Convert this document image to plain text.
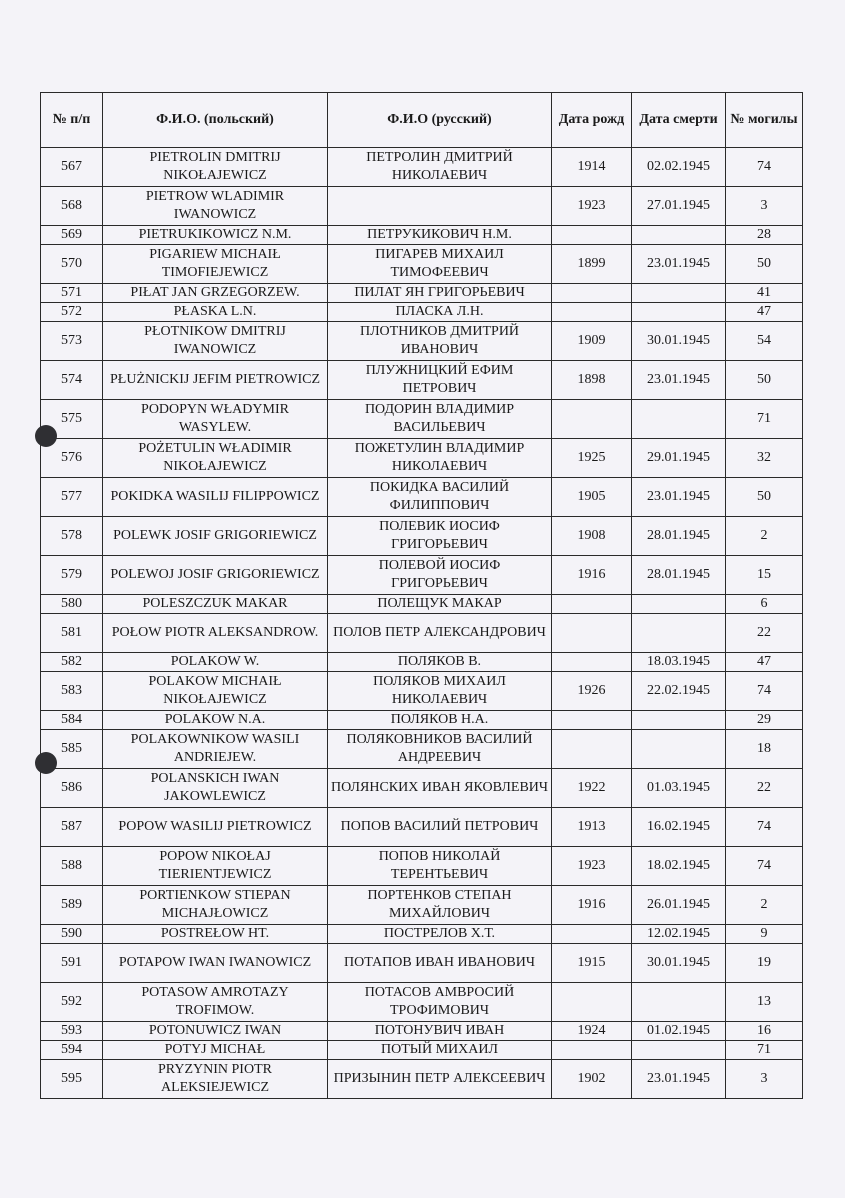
№ п/п	Ф.И.О. (польский)	Ф.И.О (русский)	Дата рожд	Дата смерти	№ могилы
567	PIETROLIN DMITRIJ NIKOŁAJEWICZ	ПЕТРОЛИН ДМИТРИЙ НИКОЛАЕВИЧ	1914	02.02.1945	74
568	PIETROW WLADIMIR IWANOWICZ		1923	27.01.1945	3
569	PIETRUKIKOWICZ N.M.	ПЕТРУКИКОВИЧ Н.М.			28
570	PIGARIEW MICHAIŁ TIMOFIEJEWICZ	ПИГАРЕВ МИХАИЛ ТИМОФЕЕВИЧ	1899	23.01.1945	50
571	PIŁAT JAN GRZEGORZEW.	ПИЛАТ ЯН ГРИГОРЬЕВИЧ			41
572	PŁASKA L.N.	ПЛАСКА Л.Н.			47
573	PŁOTNIKOW DMITRIJ IWANOWICZ	ПЛОТНИКОВ ДМИТРИЙ ИВАНОВИЧ	1909	30.01.1945	54
574	PŁUŻNICKIJ JEFIM PIETROWICZ	ПЛУЖНИЦКИЙ ЕФИМ ПЕТРОВИЧ	1898	23.01.1945	50
575	PODOPYN WŁADYMIR WASYLEW.	ПОДОРИН ВЛАДИМИР ВАСИЛЬЕВИЧ			71
576	POŻETULIN WŁADIMIR NIKOŁAJEWICZ	ПОЖЕТУЛИН ВЛАДИМИР НИКОЛАЕВИЧ	1925	29.01.1945	32
577	POKIDKA WASILIJ FILIPPOWICZ	ПОКИДКА ВАСИЛИЙ ФИЛИППОВИЧ	1905	23.01.1945	50
578	POLEWK JOSIF GRIGORIEWICZ	ПОЛЕВИК ИОСИФ ГРИГОРЬЕВИЧ	1908	28.01.1945	2
579	POLEWOJ JOSIF GRIGORIEWICZ	ПОЛЕВОЙ ИОСИФ ГРИГОРЬЕВИЧ	1916	28.01.1945	15
580	POLESZCZUK MAKAR	ПОЛЕЩУК МАКАР			6
581	POŁOW PIOTR ALEKSANDROW.	ПОЛОВ ПЕТР АЛЕКСАНДРОВИЧ			22
582	POLAKOW W.	ПОЛЯКОВ В.		18.03.1945	47
583	POLAKOW MICHAIŁ NIKOŁAJEWICZ	ПОЛЯКОВ МИХАИЛ НИКОЛАЕВИЧ	1926	22.02.1945	74
584	POLAKOW N.A.	ПОЛЯКОВ Н.А.			29
585	POLAKOWNIKOW WASILI ANDRIEJEW.	ПОЛЯКОВНИКОВ ВАСИЛИЙ АНДРЕЕВИЧ			18
586	POLANSKICH IWAN JAKOWLEWICZ	ПОЛЯНСКИХ ИВАН ЯКОВЛЕВИЧ	1922	01.03.1945	22
587	POPOW WASILIJ PIETROWICZ	ПОПОВ ВАСИЛИЙ ПЕТРОВИЧ	1913	16.02.1945	74
588	POPOW NIKOŁAJ TIERIENTJEWICZ	ПОПОВ НИКОЛАЙ ТЕРЕНТЬЕВИЧ	1923	18.02.1945	74
589	PORTIENKOW STIEPAN MICHAJŁOWICZ	ПОРТЕНКОВ СТЕПАН МИХАЙЛОВИЧ	1916	26.01.1945	2
590	POSTREŁOW HT.	ПОСТРЕЛОВ Х.Т.		12.02.1945	9
591	POTAPOW IWAN IWANOWICZ	ПОТАПОВ ИВАН ИВАНОВИЧ	1915	30.01.1945	19
592	POTASOW AMROTAZY TROFIMOW.	ПОТАСОВ АМВРОСИЙ ТРОФИМОВИЧ			13
593	POTONUWICZ IWAN	ПОТОНУВИЧ ИВАН	1924	01.02.1945	16
594	POTYJ MICHAŁ	ПОТЫЙ МИХАИЛ			71
595	PRYZYNIN PIOTR ALEKSIEJEWICZ	ПРИЗЫНИН ПЕТР АЛЕКСЕЕВИЧ	1902	23.01.1945	3
